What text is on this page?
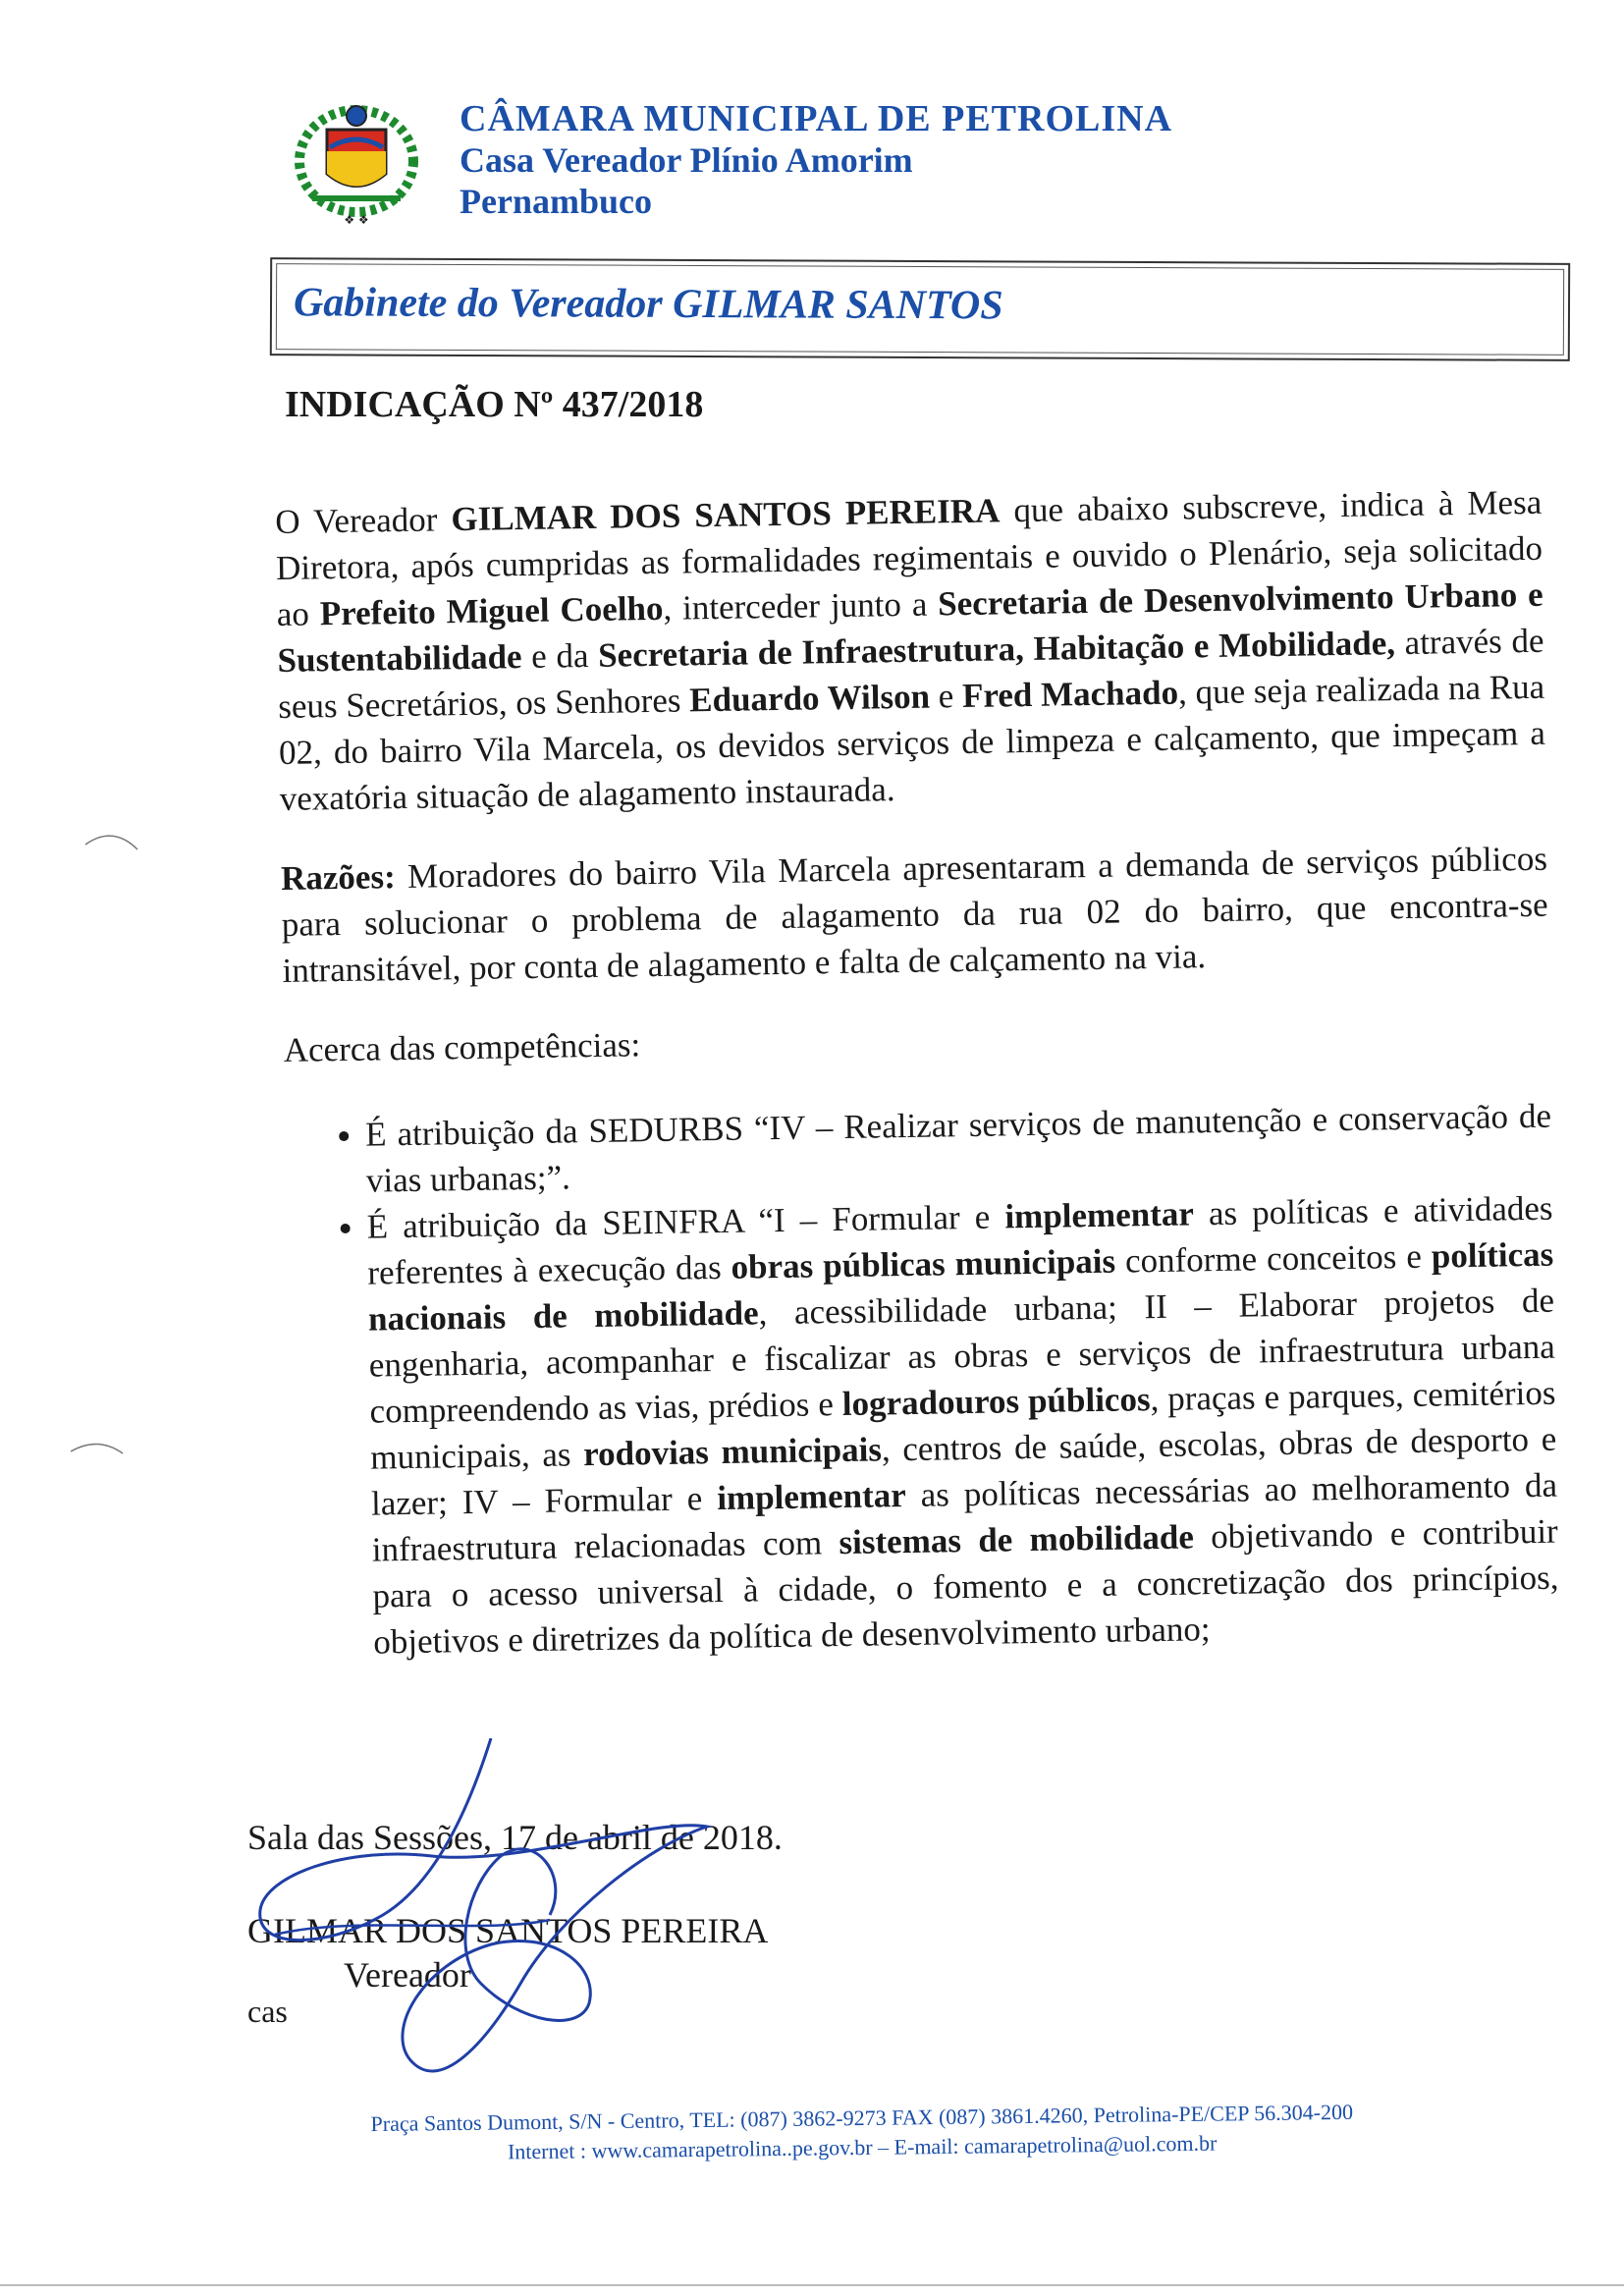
❖ ❖
CÂMARA MUNICIPAL DE PETROLINA
Casa Vereador Plínio Amorim
Pernambuco
Gabinete do Vereador GILMAR SANTOS
INDICAÇÃO Nº 437/2018

O Vereador GILMAR DOS SANTOS PEREIRA que abaixo subscreve, indica à Mesa Diretora, após cumpridas as formalidades regimentais e ouvido o Plenário, seja solicitado ao Prefeito Miguel Coelho, interceder junto a Secretaria de Desenvolvimento Urbano e Sustentabilidade e da Secretaria de Infraestrutura, Habitação e Mobilidade, através de seus Secretários, os Senhores Eduardo Wilson e Fred Machado, que seja realizada na Rua 02, do bairro Vila Marcela, os devidos serviços de limpeza e calçamento, que impeçam a vexatória situação de alagamento instaurada.

Razões: Moradores do bairro Vila Marcela apresentaram a demanda de serviços públicos para solucionar o problema de alagamento da rua 02 do bairro, que encontra-se intransitável, por conta de alagamento e falta de calçamento na via.

Acerca das competências:

• É atribuição da SEDURBS “IV – Realizar serviços de manutenção e conservação de vias urbanas;”.
• É atribuição da SEINFRA “I – Formular e implementar as políticas e atividades referentes à execução das obras públicas municipais conforme conceitos e políticas nacionais de mobilidade, acessibilidade urbana; II – Elaborar projetos de engenharia, acompanhar e fiscalizar as obras e serviços de infraestrutura urbana compreendendo as vias, prédios e logradouros públicos, praças e parques, cemitérios municipais, as rodovias municipais, centros de saúde, escolas, obras de desporto e lazer; IV – Formular e implementar as políticas necessárias ao melhoramento da infraestrutura relacionadas com sistemas de mobilidade objetivando e contribuir para o acesso universal à cidade, o fomento e a concretização dos princípios, objetivos e diretrizes da política de desenvolvimento urbano;
Sala das Sessões, 17 de abril de 2018.
GILMAR DOS SANTOS PEREIRA
Vereador
cas
Praça Santos Dumont, S/N - Centro, TEL: (087) 3862-9273 FAX (087) 3861.4260, Petrolina-PE/CEP 56.304-200
Internet : www.camarapetrolina..pe.gov.br – E-mail: camarapetrolina@uol.com.br
